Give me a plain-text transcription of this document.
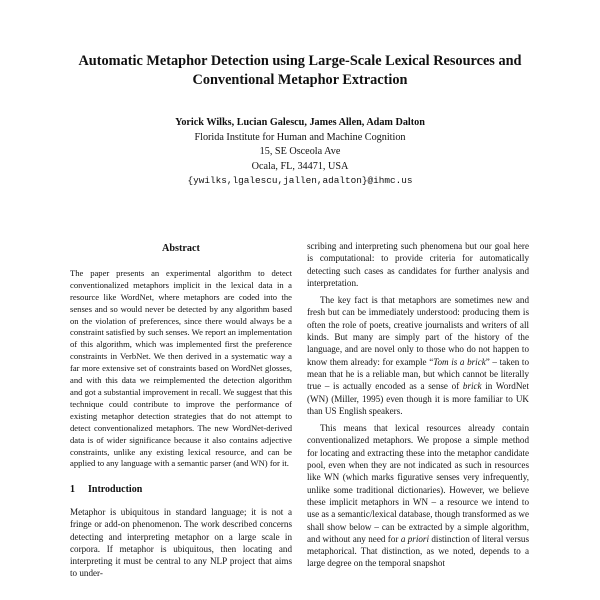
Automatic Metaphor Detection using Large-Scale Lexical Resources and Conventional Metaphor Extraction
Yorick Wilks, Lucian Galescu, James Allen, Adam Dalton
Florida Institute for Human and Machine Cognition
15, SE Osceola Ave
Ocala, FL, 34471, USA
{ywilks,lgalescu,jallen,adalton}@ihmc.us
Abstract

The paper presents an experimental algorithm to detect conventionalized metaphors implicit in the lexical data in a resource like WordNet, where metaphors are coded into the senses and so would never be detected by any algorithm based on the violation of preferences, since there would always be a constraint satisfied by such senses. We report an implementation of this algorithm, which was implemented first the preference constraints in VerbNet. We then derived in a systematic way a far more extensive set of constraints based on WordNet glosses, and with this data we reimplemented the detection algorithm and got a substantial improvement in recall. We suggest that this technique could contribute to improve the performance of existing metaphor detection strategies that do not attempt to detect conventionalized metaphors. The new WordNet-derived data is of wider significance because it also contains adjective constraints, unlike any existing lexical resource, and can be applied to any language with a semantic parser (and WN) for it.

1 Introduction

Metaphor is ubiquitous in standard language; it is not a fringe or add-on phenomenon. The work described concerns detecting and interpreting metaphor on a large scale in corpora. If metaphor is ubiquitous, then locating and interpreting it must be central to any NLP project that aims to under-

scribing and interpreting such phenomena but our goal here is computational: to provide criteria for automatically detecting such cases as candidates for further analysis and interpretation.

The key fact is that metaphors are sometimes new and fresh but can be immediately understood: producing them is often the role of poets, creative journalists and writers of all kinds. But many are simply part of the history of the language, and are novel only to those who do not happen to know them already: for example “Tom is a brick” – taken to mean that he is a reliable man, but which cannot be literally true – is actually encoded as a sense of brick in WordNet (WN) (Miller, 1995) even though it is more familiar to UK than US English speakers.

This means that lexical resources already contain conventionalized metaphors. We propose a simple method for locating and extracting these into the metaphor candidate pool, even when they are not indicated as such in resources like WN (which marks figurative senses very infrequently, unlike some traditional dictionaries). However, we believe these implicit metaphors in WN – a resource we intend to use as a semantic/lexical database, though transformed as we shall show below – can be extracted by a simple algorithm, and without any need for a priori distinction of literal versus metaphorical. That distinction, as we noted, depends to a large degree on the temporal snapshot
